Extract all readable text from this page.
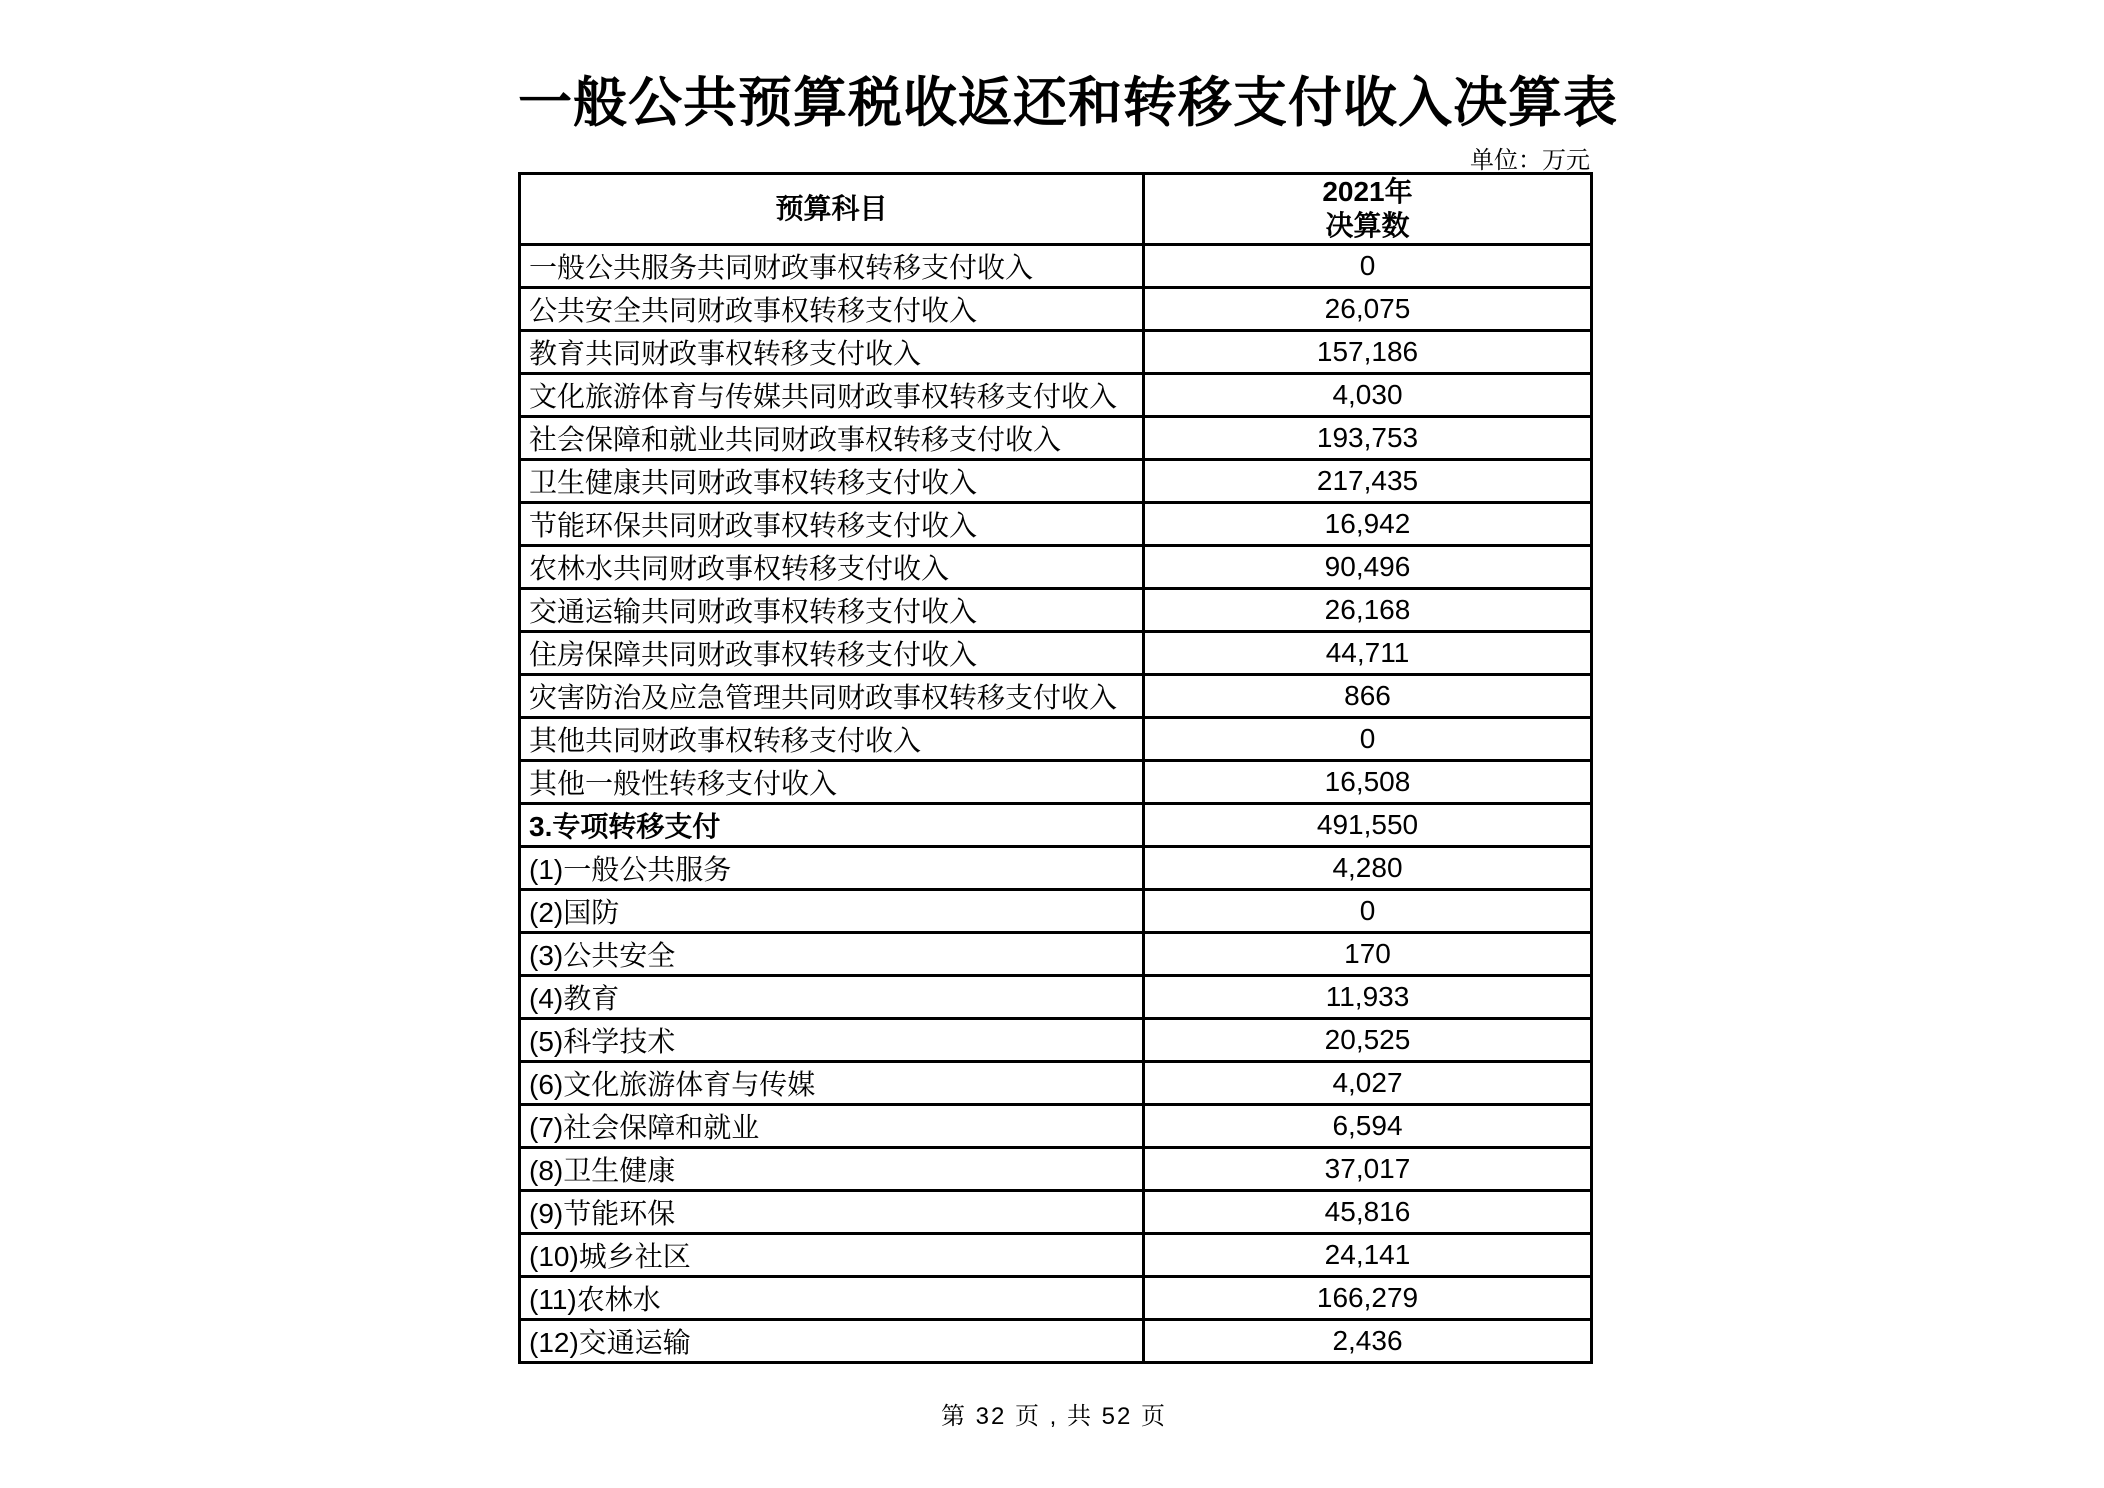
一般公共预算税收返还和转移支付收入决算表
单位：万元
预算科目	2021年
决算数

一般公共服务共同财政事权转移支付收入	0
公共安全共同财政事权转移支付收入	26,075
教育共同财政事权转移支付收入	157,186
文化旅游体育与传媒共同财政事权转移支付收入	4,030
社会保障和就业共同财政事权转移支付收入	193,753
卫生健康共同财政事权转移支付收入	217,435
节能环保共同财政事权转移支付收入	16,942
农林水共同财政事权转移支付收入	90,496
交通运输共同财政事权转移支付收入	26,168
住房保障共同财政事权转移支付收入	44,711
灾害防治及应急管理共同财政事权转移支付收入	866
其他共同财政事权转移支付收入	0
其他一般性转移支付收入	16,508
3.专项转移支付	491,550
(1)一般公共服务	4,280
(2)国防	0
(3)公共安全	170
(4)教育	11,933
(5)科学技术	20,525
(6)文化旅游体育与传媒	4,027
(7)社会保障和就业	6,594
(8)卫生健康	37,017
(9)节能环保	45,816
(10)城乡社区	24,141
(11)农林水	166,279
(12)交通运输	2,436
第 32 页 , 共 52 页
